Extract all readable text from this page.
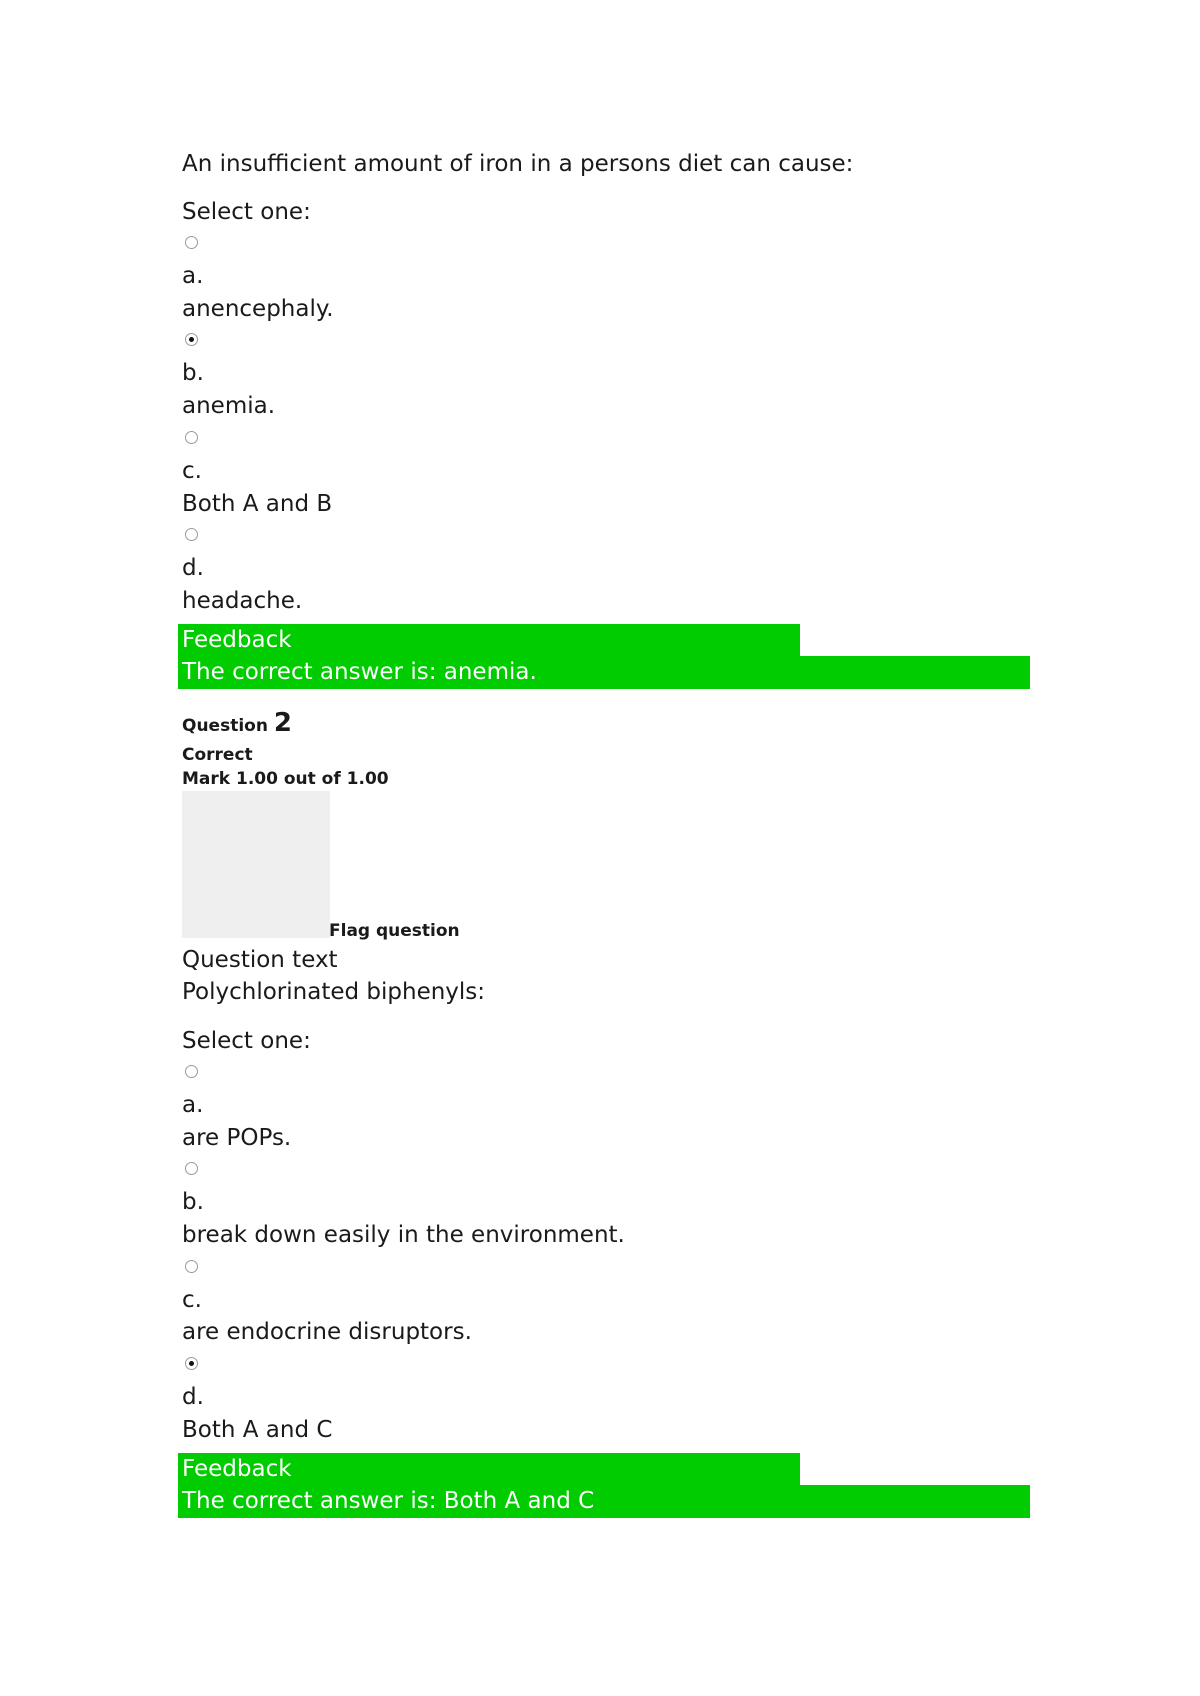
An insufficient amount of iron in a persons diet can cause:
Select one:
a.
anencephaly.
b.
anemia.
c.
Both A and B
d.
headache.
Feedback
The correct answer is: anemia.
Question 2
Correct
Mark 1.00 out of 1.00
Flag question
Question text
Polychlorinated biphenyls:
Select one:
a.
are POPs.
b.
break down easily in the environment.
c.
are endocrine disruptors.
d.
Both A and C
Feedback
The correct answer is: Both A and C
